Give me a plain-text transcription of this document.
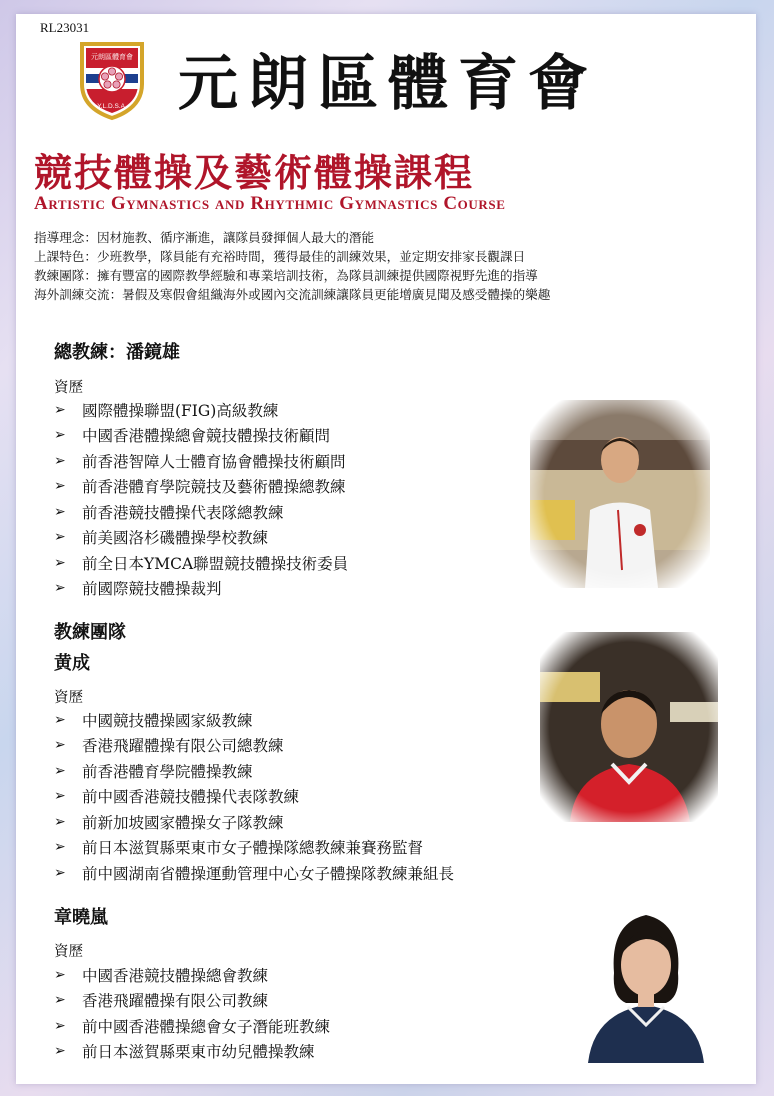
RL23031
元朗區體育會
Y.L.D.S.A. 元朗區體育會
競技體操及藝術體操課程
Artistic Gymnastics and Rhythmic Gymnastics Course
指導理念：因材施教、循序漸進，讓隊員發揮個人最大的潛能
上課特色：少班教學，隊員能有充裕時間，獲得最佳的訓練效果，並定期安排家長觀課日
教練團隊：擁有豐富的國際教學經驗和專業培訓技術，為隊員訓練提供國際視野先進的指導
海外訓練交流：暑假及寒假會組織海外或國內交流訓練讓隊員更能增廣見聞及感受體操的樂趣
總教練：潘鏡雄
資歷
➢	國際體操聯盟(FIG)高級教練
➢	中國香港體操總會競技體操技術顧問
➢	前香港智障人士體育協會體操技術顧問
➢	前香港體育學院競技及藝術體操總教練
➢	前香港競技體操代表隊總教練
➢	前美國洛杉磯體操學校教練
➢	前全日本YMCA聯盟競技體操技術委員
➢	前國際競技體操裁判
教練團隊
黄成
資歷
➢	中國競技體操國家級教練
➢	香港飛躍體操有限公司總教練
➢	前香港體育學院體操教練
➢	前中國香港競技體操代表隊教練
➢	前新加坡國家體操女子隊教練
➢	前日本滋賀縣栗東市女子體操隊總教練兼賽務監督
➢	前中國湖南省體操運動管理中心女子體操隊教練兼組長
章曉嵐
資歷
➢	中國香港競技體操總會教練
➢	香港飛躍體操有限公司教練
➢	前中國香港體操總會女子潛能班教練
➢	前日本滋賀縣栗東市幼兒體操教練
